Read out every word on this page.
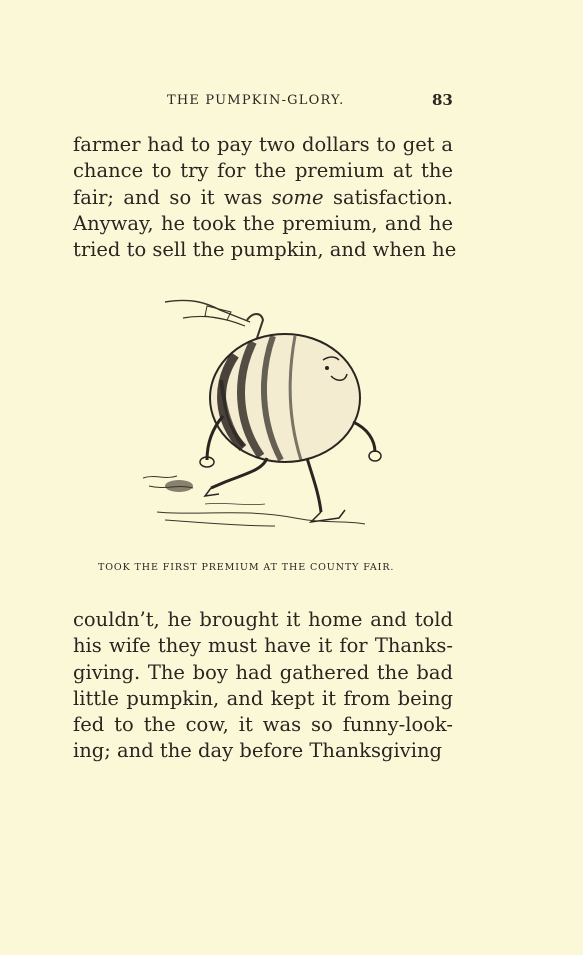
THE PUMPKIN-GLORY.	83
farmer had to pay two dollars to get a
chance to try for the premium at the
fair; and so it was some satisfaction.
Anyway, he took the premium, and he
tried to sell the pumpkin, and when he
TOOK THE FIRST PREMIUM AT THE COUNTY FAIR.
couldn’t, he brought it home and told
his wife they must have it for Thanks-
giving. The boy had gathered the bad
little pumpkin, and kept it from being
fed to the cow, it was so funny-look-
ing; and the day before Thanksgiving
